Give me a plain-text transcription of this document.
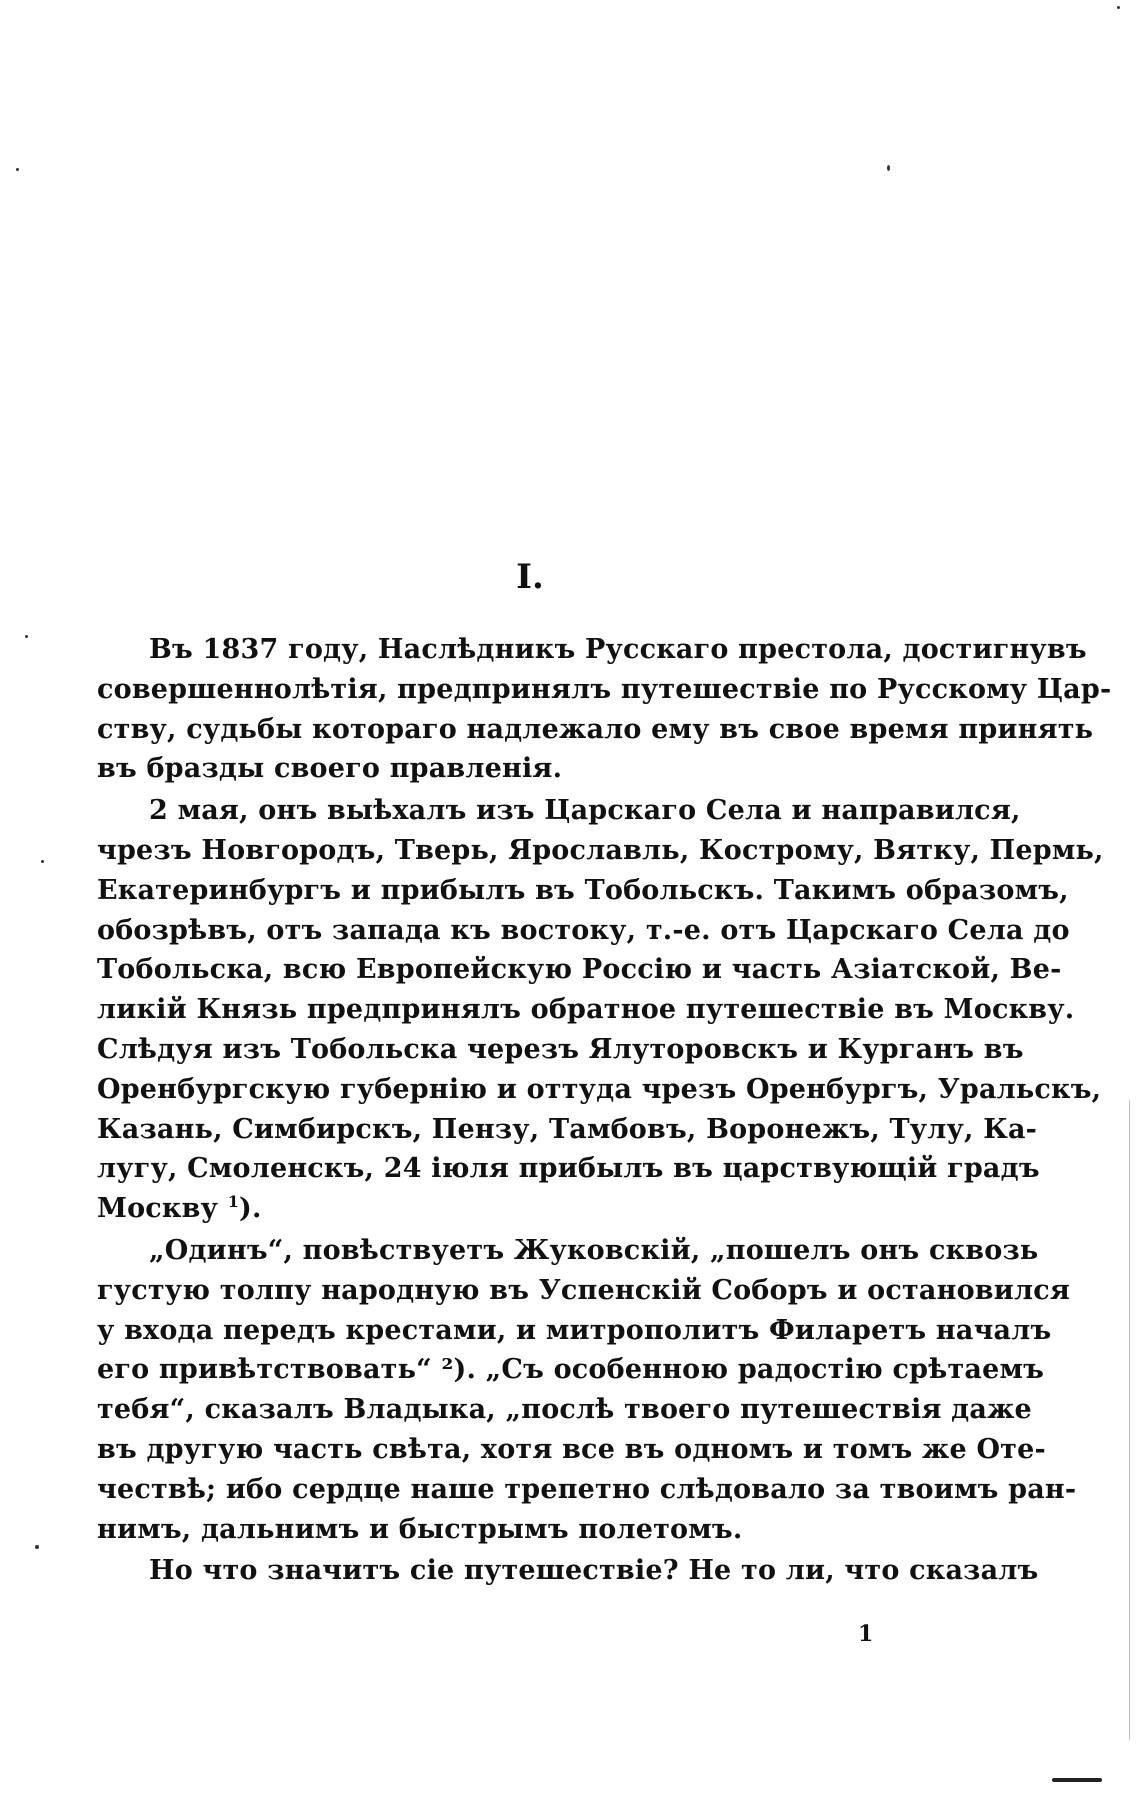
I.
Въ 1837 году, Наслѣдникъ Русскаго престола, достигнувъ
совершеннолѣтія, предпринялъ путешествіе по Русскому Цар-
ству, судьбы котораго надлежало ему въ свое время принять
въ бразды своего правленія.
2 мая, онъ выѣхалъ изъ Царскаго Села и направился,
чрезъ Новгородъ, Тверь, Ярославль, Кострому, Вятку, Пермь,
Екатеринбургъ и прибылъ въ Тобольскъ. Такимъ образомъ,
обозрѣвъ, отъ запада къ востоку, т.-е. отъ Царскаго Села до
Тобольска, всю Европейскую Россію и часть Азіатской, Ве-
ликій Князь предпринялъ обратное путешествіе въ Москву.
Слѣдуя изъ Тобольска черезъ Ялуторовскъ и Курганъ въ
Оренбургскую губернію и оттуда чрезъ Оренбургъ, Уральскъ,
Казань, Симбирскъ, Пензу, Тамбовъ, Воронежъ, Тулу, Ка-
лугу, Смоленскъ, 24 іюля прибылъ въ царствующій градъ
Москву $^1$).
„Одинъ“, повѣствуетъ Жуковскій, „пошелъ онъ сквозь
густую толпу народную въ Успенскій Соборъ и остановился
у входа передъ крестами, и митрополитъ Филаретъ началъ
его привѣтствовать“ ²). „Съ особенною радостію срѣтаемъ
тебя“, сказалъ Владыка, „послѣ твоего путешествія даже
въ другую часть свѣта, хотя все въ одномъ и томъ же Оте-
чествѣ; ибо сердце наше трепетно слѣдовало за твоимъ ран-
нимъ, дальнимъ и быстрымъ полетомъ.
Но что значитъ сіе путешествіе? Не то ли, что сказалъ
1
